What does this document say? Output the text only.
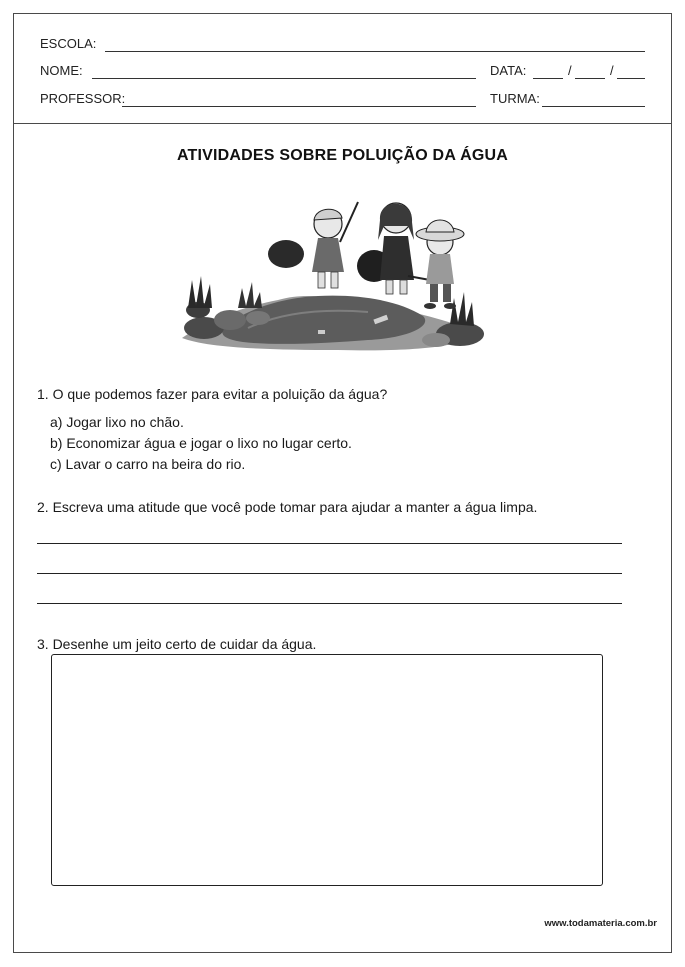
ESCOLA:
NOME:	DATA:	/	/
PROFESSOR:	TURMA:
ATIVIDADES SOBRE POLUIÇÃO DA ÁGUA
1. O que podemos fazer para evitar a poluição da água?
a) Jogar lixo no chão.
b) Economizar água e jogar o lixo no lugar certo.
c) Lavar o carro na beira do rio.
2. Escreva uma atitude que você pode tomar para ajudar a manter a água limpa.
3. Desenhe um jeito certo de cuidar da água.
www.todamateria.com.br
